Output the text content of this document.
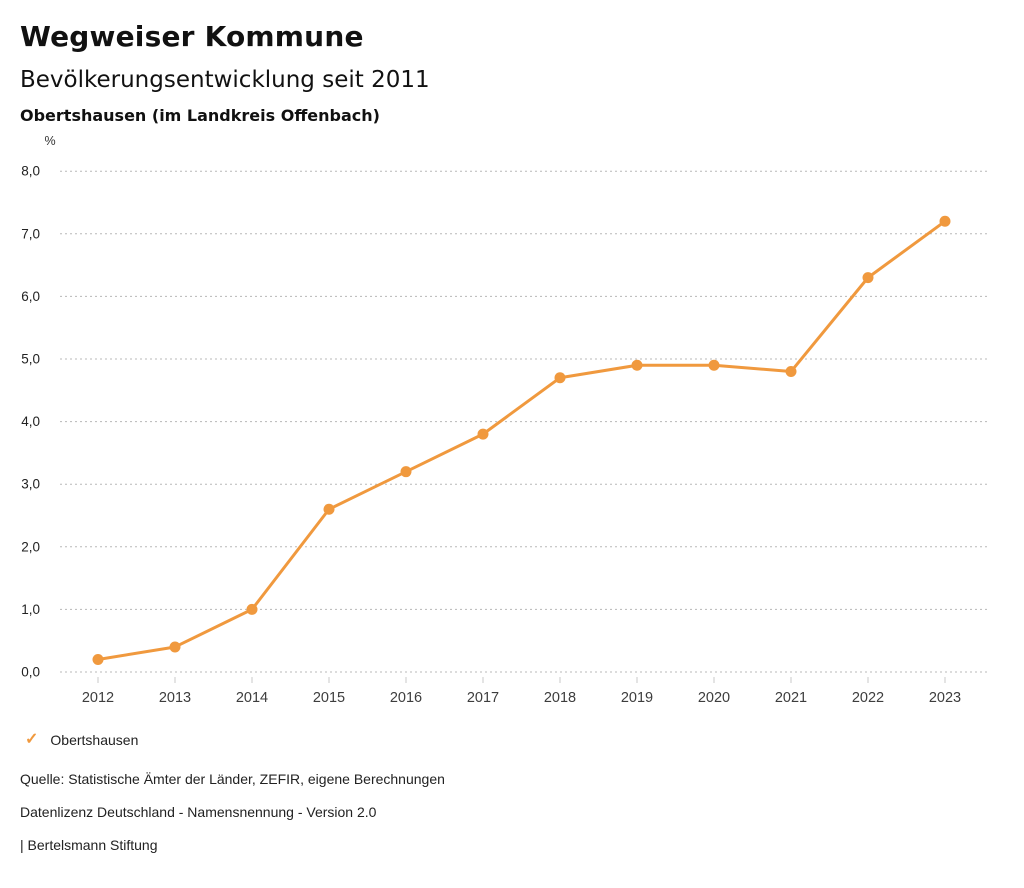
Wegweiser Kommune
Bevölkerungsentwicklung seit 2011
Obertshausen (im Landkreis Offenbach)
%
0,0
1,0
2,0
3,0
4,0
5,0
6,0
7,0
8,0
2012	2013	2014	2015	2016	2017	2018	2019	2020	2021	2022	2023
✓ Obertshausen

Quelle: Statistische Ämter der Länder, ZEFIR, eigene Berechnungen

Datenlizenz Deutschland - Namensnennung - Version 2.0

| Bertelsmann Stiftung
